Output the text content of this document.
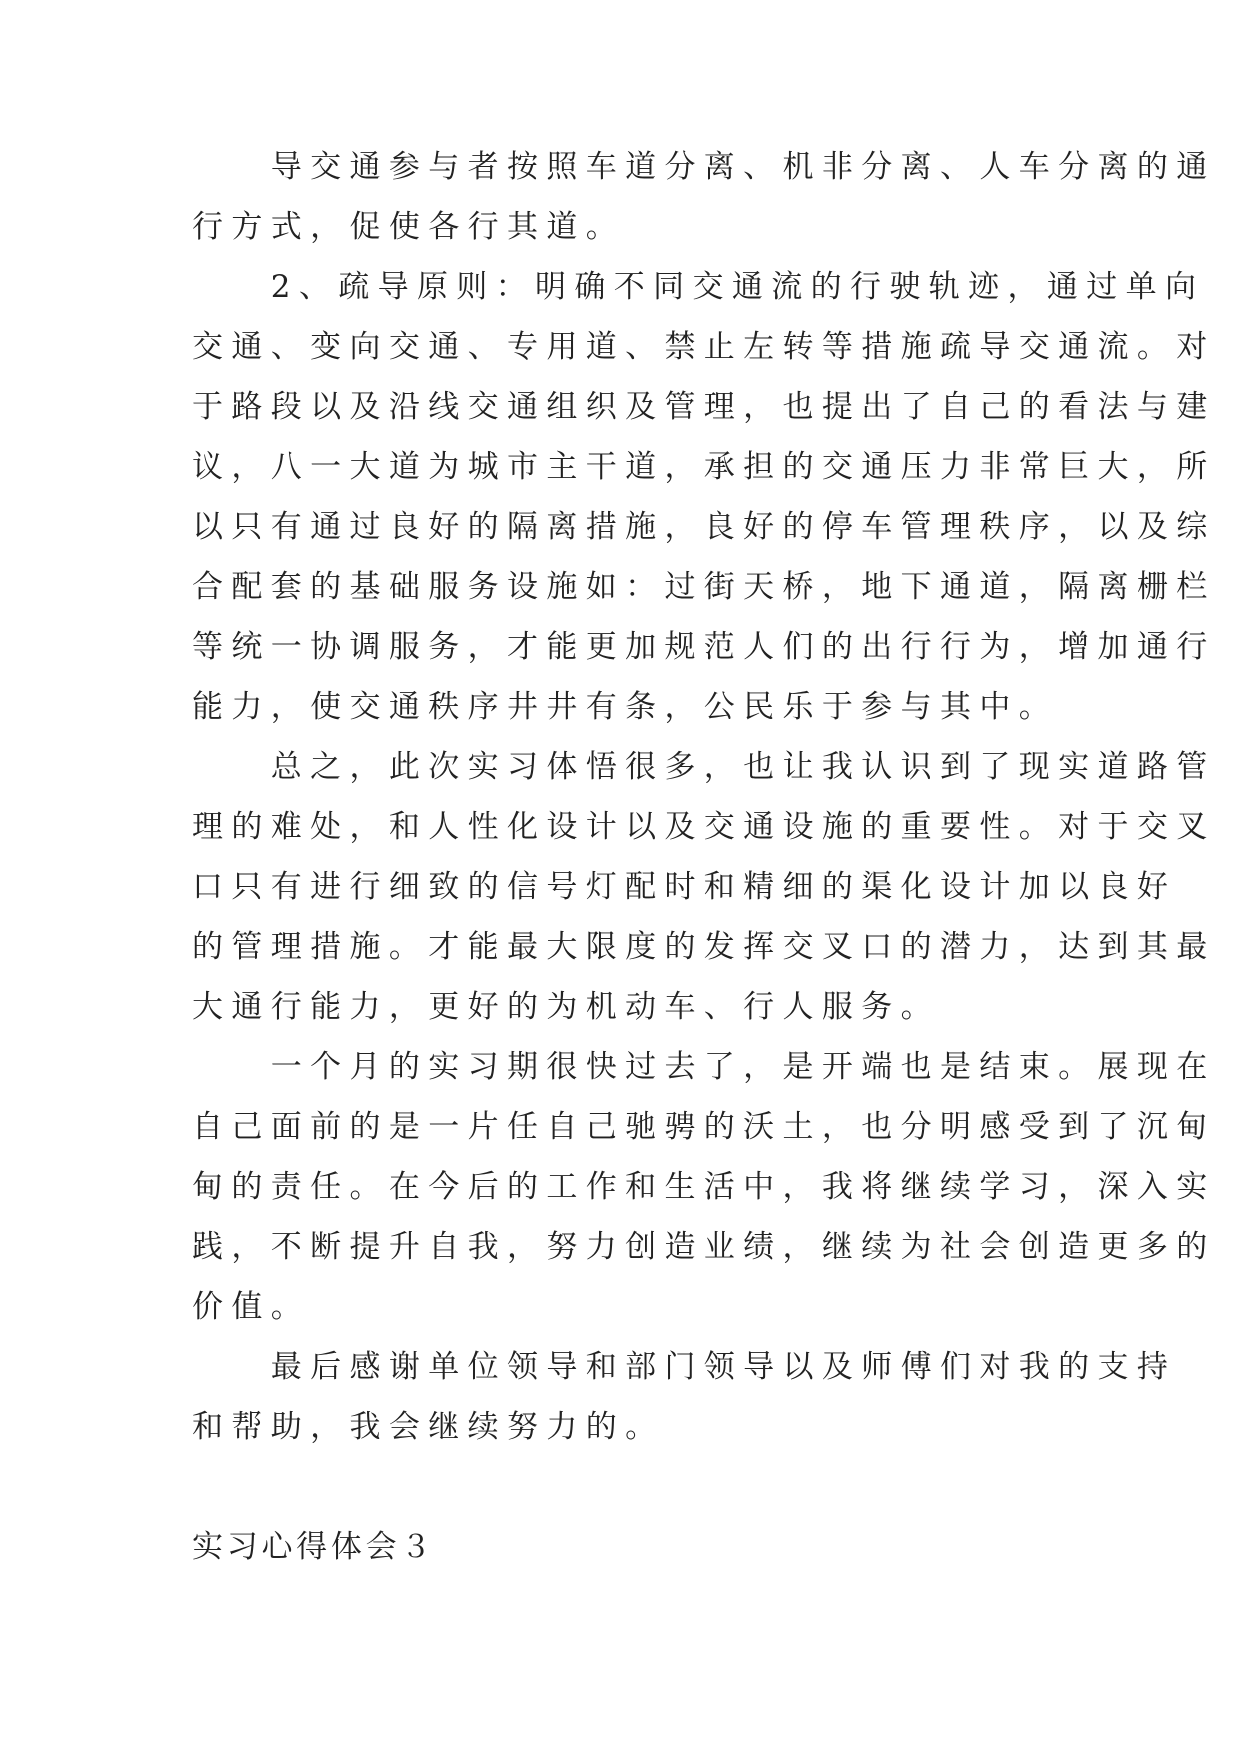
　　导交通参与者按照车道分离、机非分离、人车分离的通
行方式，促使各行其道。
　　2、疏导原则：明确不同交通流的行驶轨迹，通过单向
交通、变向交通、专用道、禁止左转等措施疏导交通流。对
于路段以及沿线交通组织及管理，也提出了自己的看法与建
议，八一大道为城市主干道，承担的交通压力非常巨大，所
以只有通过良好的隔离措施，良好的停车管理秩序，以及综
合配套的基础服务设施如：过街天桥，地下通道，隔离栅栏
等统一协调服务，才能更加规范人们的出行行为，增加通行
能力，使交通秩序井井有条，公民乐于参与其中。
　　总之，此次实习体悟很多，也让我认识到了现实道路管
理的难处，和人性化设计以及交通设施的重要性。对于交叉
口只有进行细致的信号灯配时和精细的渠化设计加以良好
的管理措施。才能最大限度的发挥交叉口的潜力，达到其最
大通行能力，更好的为机动车、行人服务。
　　一个月的实习期很快过去了，是开端也是结束。展现在
自己面前的是一片任自己驰骋的沃土，也分明感受到了沉甸
甸的责任。在今后的工作和生活中，我将继续学习，深入实
践，不断提升自我，努力创造业绩，继续为社会创造更多的
价值。
　　最后感谢单位领导和部门领导以及师傅们对我的支持
和帮助，我会继续努力的。
实习心得体会３
